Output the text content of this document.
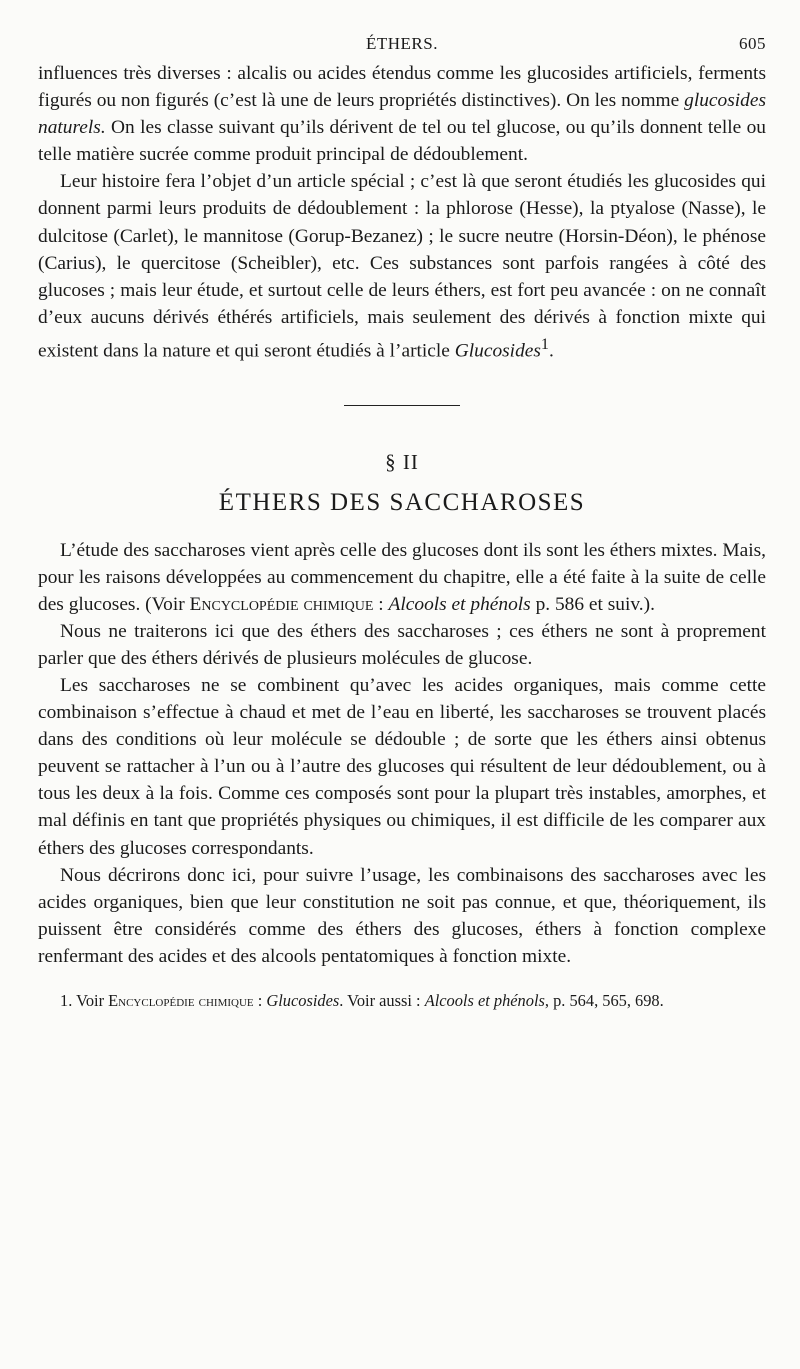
ÉTHERS.	605

influences très diverses : alcalis ou acides étendus comme les glucosides artificiels, ferments figurés ou non figurés (c’est là une de leurs propriétés distinctives). On les nomme glucosides naturels. On les classe suivant qu’ils dérivent de tel ou tel glucose, ou qu’ils donnent telle ou telle matière sucrée comme produit principal de dédoublement.

Leur histoire fera l’objet d’un article spécial ; c’est là que seront étudiés les glucosides qui donnent parmi leurs produits de dédoublement : la phlorose (Hesse), la ptyalose (Nasse), le dulcitose (Carlet), le mannitose (Gorup-Bezanez) ; le sucre neutre (Horsin-Déon), le phénose (Carius), le quercitose (Scheibler), etc. Ces substances sont parfois rangées à côté des glucoses ; mais leur étude, et surtout celle de leurs éthers, est fort peu avancée : on ne connaît d’eux aucuns dérivés éthérés artificiels, mais seulement des dérivés à fonction mixte qui existent dans la nature et qui seront étudiés à l’article Glucosides$^1$.

§ II
ÉTHERS DES SACCHAROSES

L’étude des saccharoses vient après celle des glucoses dont ils sont les éthers mixtes. Mais, pour les raisons développées au commencement du chapitre, elle a été faite à la suite de celle des glucoses. (Voir Encyclopédie chimique : Alcools et phénols p. 586 et suiv.).

Nous ne traiterons ici que des éthers des saccharoses ; ces éthers ne sont à proprement parler que des éthers dérivés de plusieurs molécules de glucose.

Les saccharoses ne se combinent qu’avec les acides organiques, mais comme cette combinaison s’effectue à chaud et met de l’eau en liberté, les saccharoses se trouvent placés dans des conditions où leur molécule se dédouble ; de sorte que les éthers ainsi obtenus peuvent se rattacher à l’un ou à l’autre des glucoses qui résultent de leur dédoublement, ou à tous les deux à la fois. Comme ces composés sont pour la plupart très instables, amorphes, et mal définis en tant que propriétés physiques ou chimiques, il est difficile de les comparer aux éthers des glucoses correspondants.

Nous décrirons donc ici, pour suivre l’usage, les combinaisons des saccharoses avec les acides organiques, bien que leur constitution ne soit pas connue, et que, théoriquement, ils puissent être considérés comme des éthers des glucoses, éthers à fonction complexe renfermant des acides et des alcools pentatomiques à fonction mixte.

1. Voir Encyclopédie chimique : Glucosides. Voir aussi : Alcools et phénols, p. 564, 565, 698.
